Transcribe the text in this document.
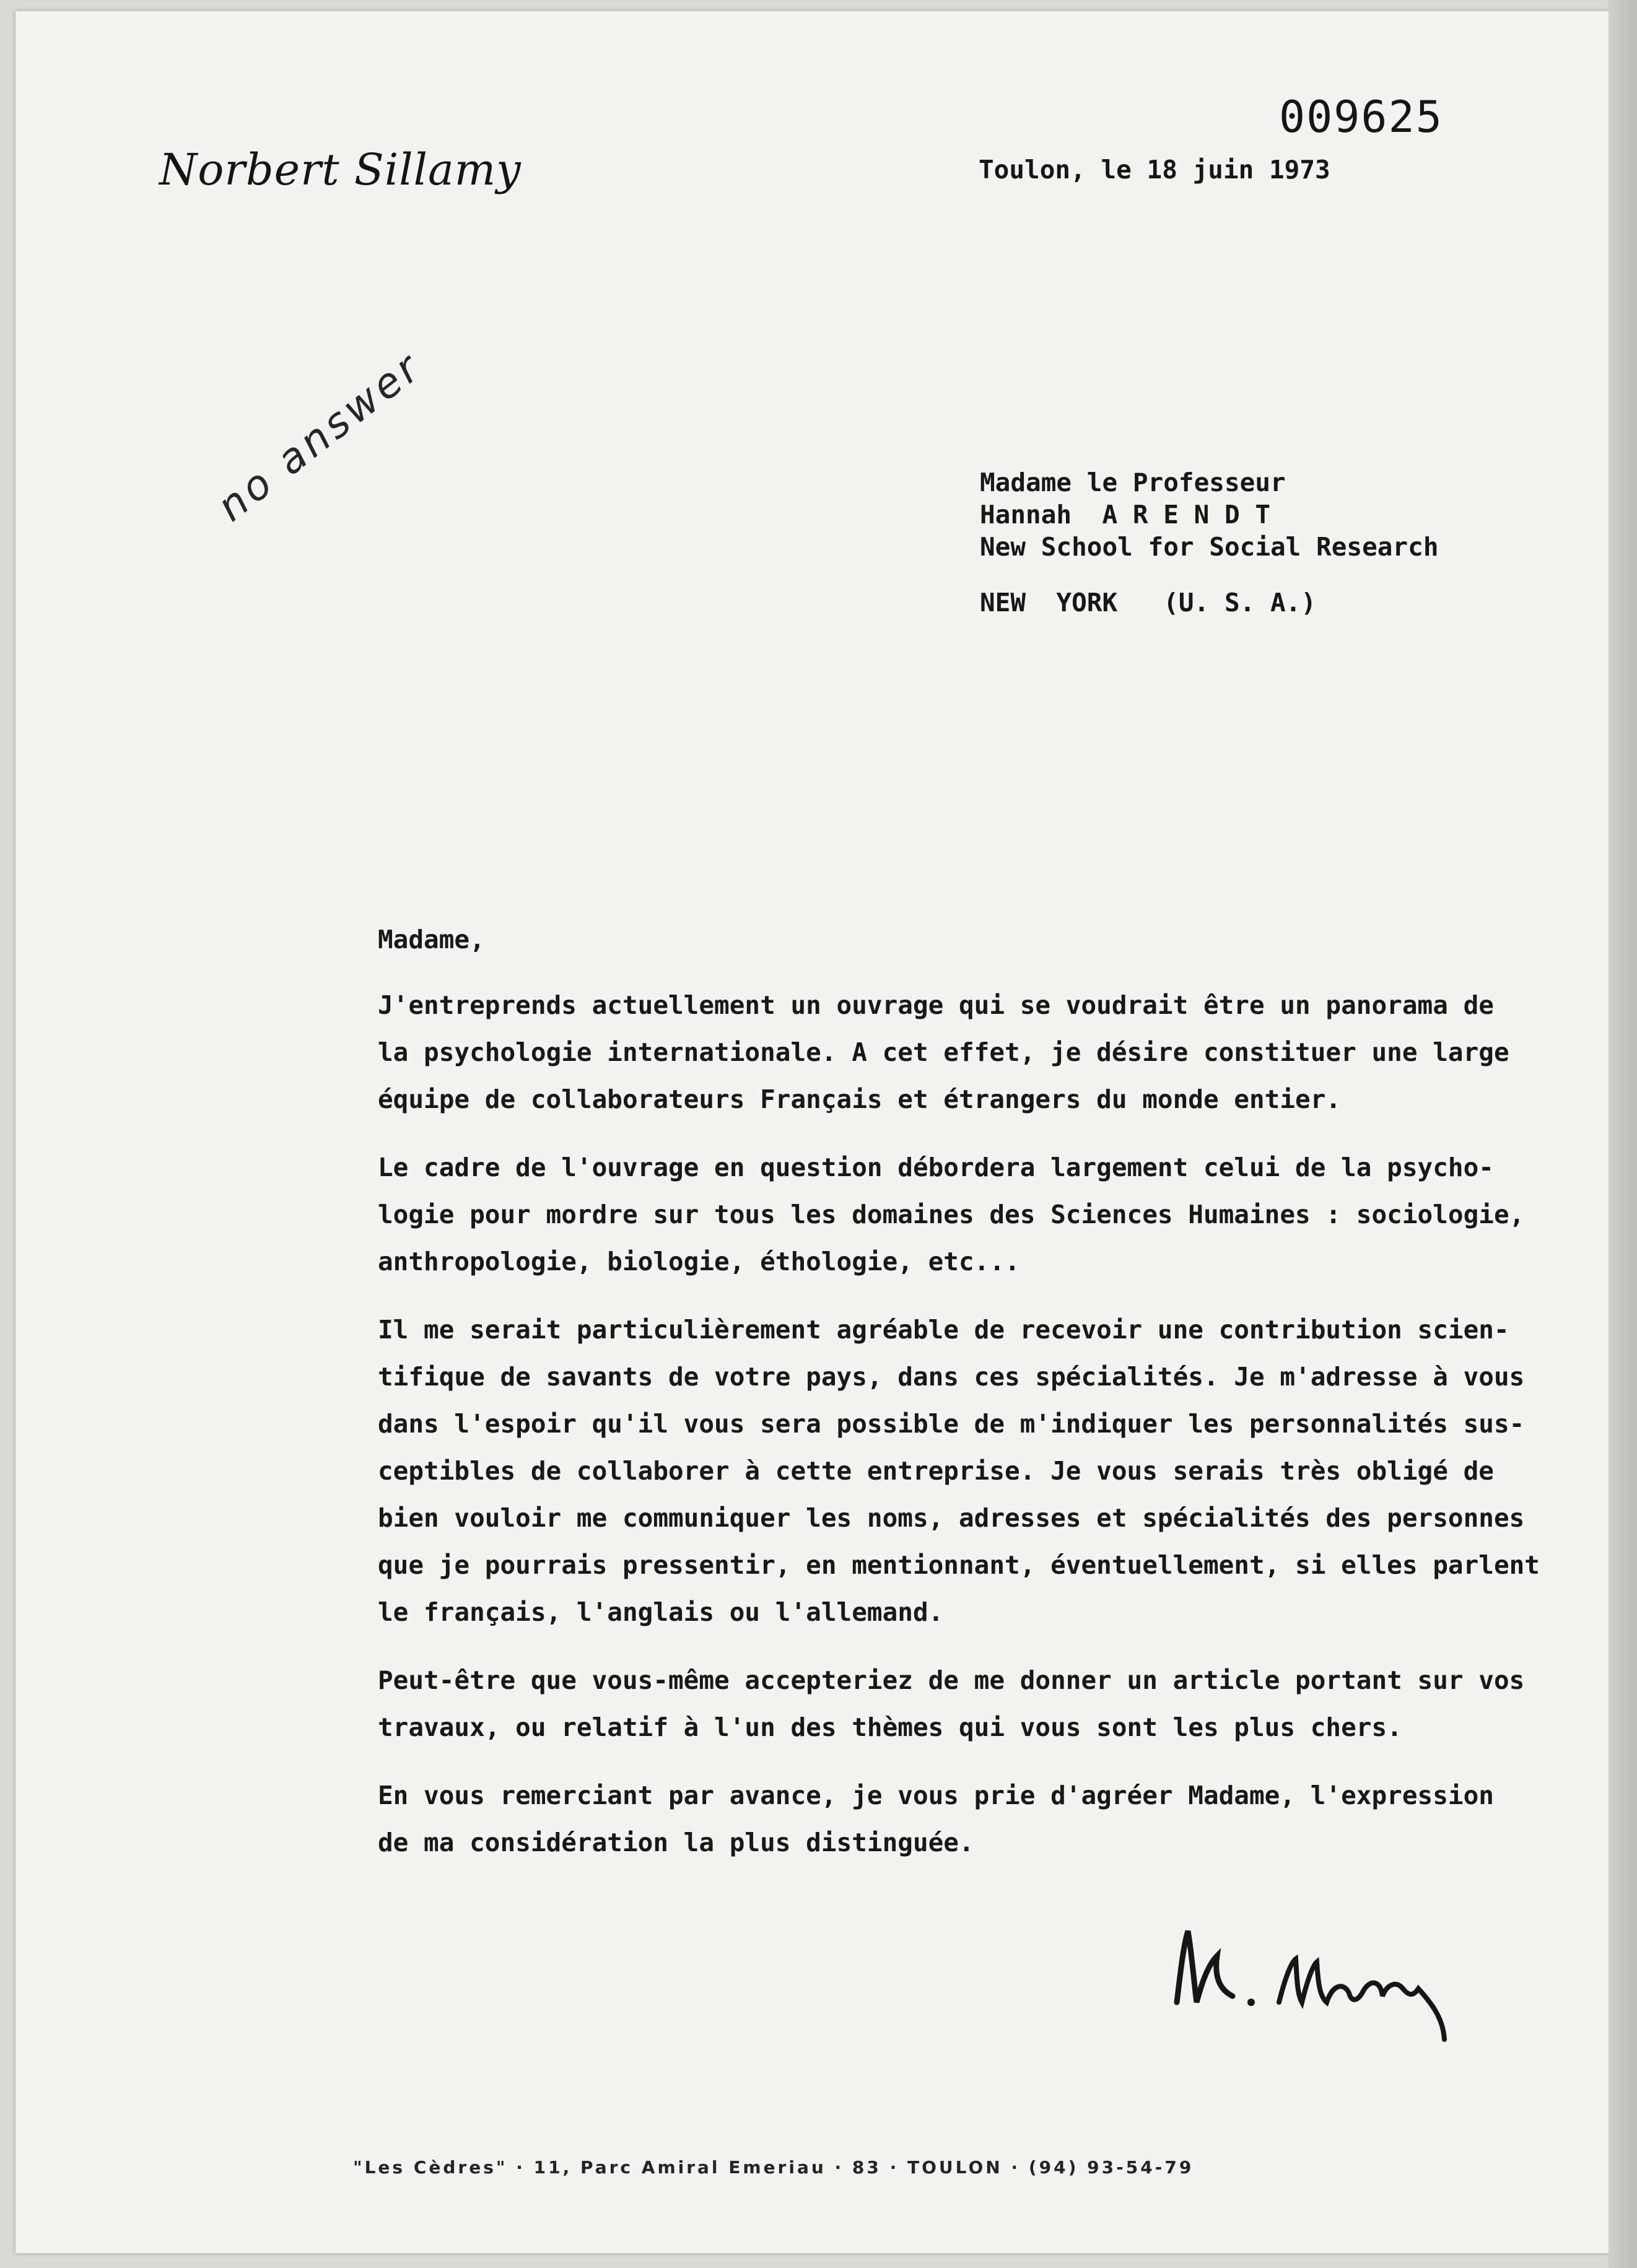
Norbert Sillamy
009625
Toulon, le 18 juin 1973
no answer	Madame le Professeur
Hannah  A R E N D T
New School for Social Research
NEW  YORK   (U. S. A.)
Madame,
J'entreprends actuellement un ouvrage qui se voudrait être un panorama de
la psychologie internationale. A cet effet, je désire constituer une large
équipe de collaborateurs Français et étrangers du monde entier.
Le cadre de l'ouvrage en question débordera largement celui de la psycho-
logie pour mordre sur tous les domaines des Sciences Humaines : sociologie,
anthropologie, biologie, éthologie, etc...
Il me serait particulièrement agréable de recevoir une contribution scien-
tifique de savants de votre pays, dans ces spécialités. Je m'adresse à vous
dans l'espoir qu'il vous sera possible de m'indiquer les personnalités sus-
ceptibles de collaborer à cette entreprise. Je vous serais très obligé de
bien vouloir me communiquer les noms, adresses et spécialités des personnes
que je pourrais pressentir, en mentionnant, éventuellement, si elles parlent
le français, l'anglais ou l'allemand.
Peut-être que vous-même accepteriez de me donner un article portant sur vos
travaux, ou relatif à l'un des thèmes qui vous sont les plus chers.
En vous remerciant par avance, je vous prie d'agréer Madame, l'expression
de ma considération la plus distinguée.
"Les Cèdres" · 11, Parc Amiral Emeriau · 83 · TOULON · (94) 93-54-79
